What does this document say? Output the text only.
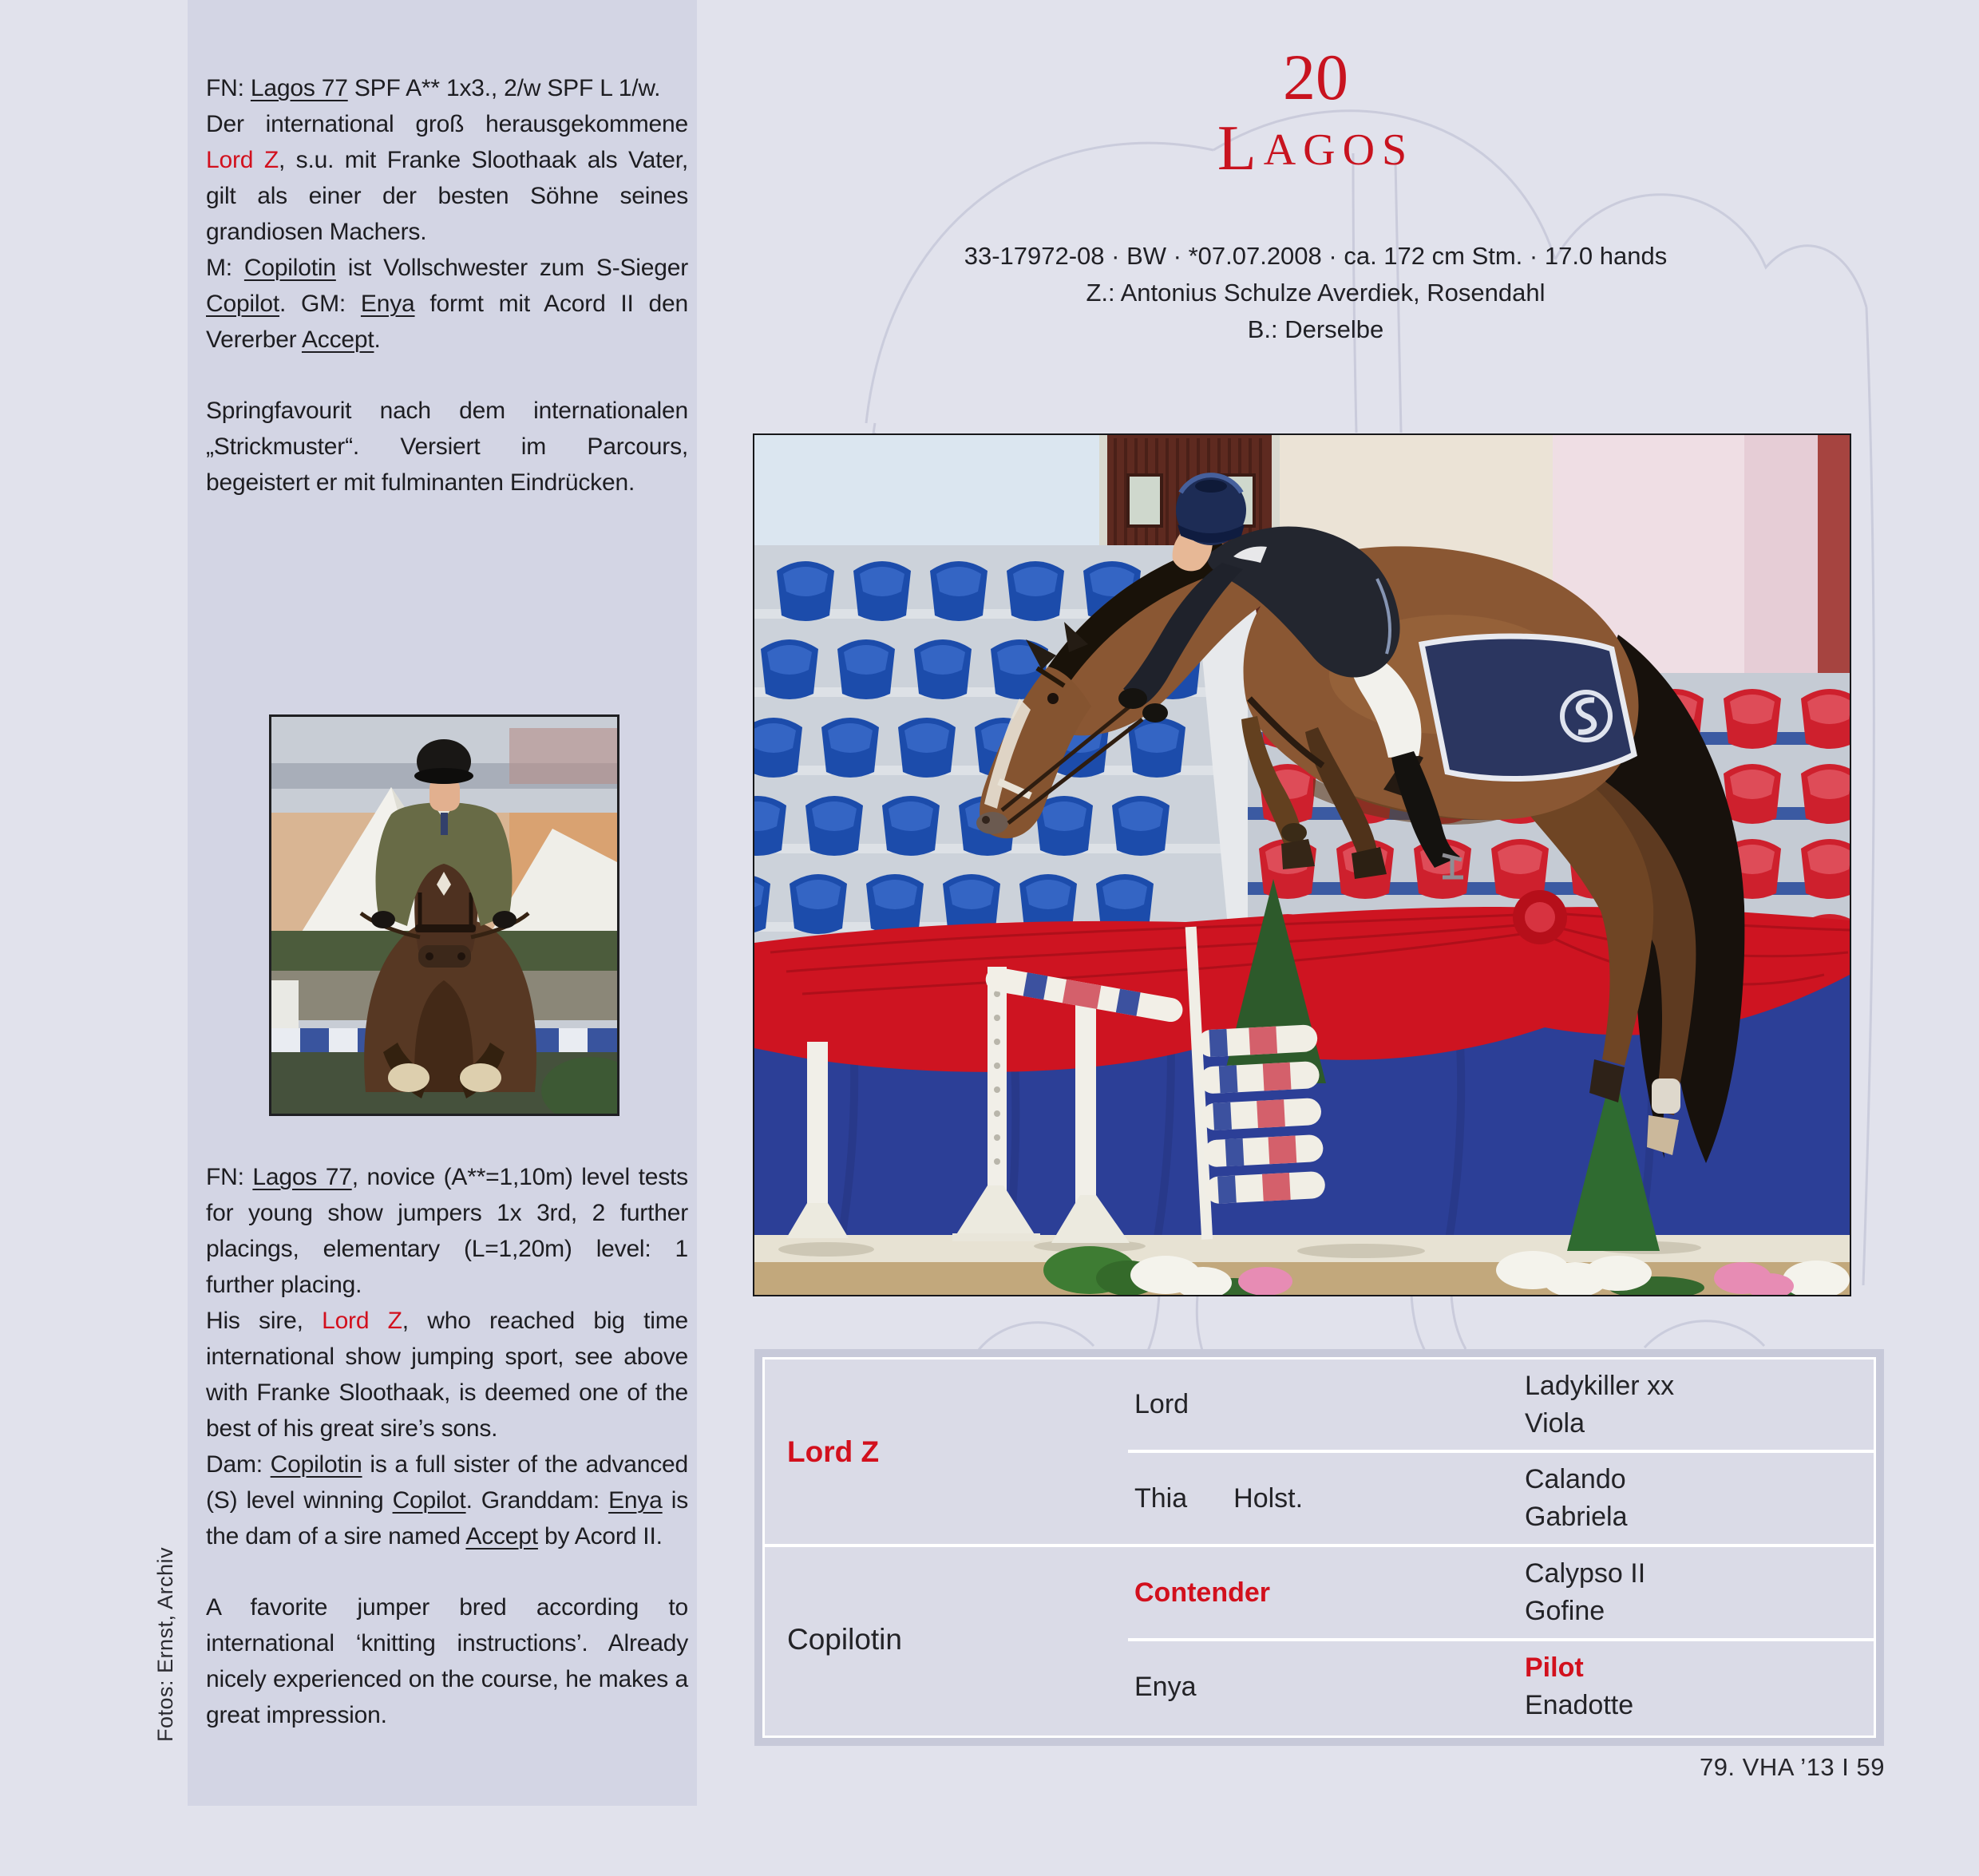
Fotos: Ernst, Archiv

FN: Lagos 77 SPF A** 1x3., 2/w SPF L 1/w.

Der international groß herausgekommene Lord Z, s.u. mit Franke Sloothaak als Vater, gilt als einer der besten Söhne seines grandiosen Machers.

M: Copilotin ist Vollschwester zum S-Sieger Copilot. GM: Enya formt mit Acord II den Vererber Accept.

Springfavourit nach dem internationalen „Strickmuster“. Versiert im Parcours, begeistert er mit fulminanten Eindrücken.

FN: Lagos 77, novice (A**=1,10m) level tests for young show jumpers 1x 3rd, 2 further placings, elementary (L=1,20m) level: 1 further placing.

His sire, Lord Z, who reached big time international show jumping sport, see above with Franke Sloothaak, is deemed one of the best of his great sire’s sons.

Dam: Copilotin is a full sister of the advanced (S) level winning Copilot. Granddam: Enya is the dam of a sire named Accept by Acord II.

A favorite jumper bred according to international ‘knitting instructions’. Already nicely experienced on the course, he makes a great impression.

20
LAGOS
33-17972-08 · BW · *07.07.2008 · ca. 172 cm Stm. · 17.0 hands
Z.: Antonius Schulze Averdiek, Rosendahl
B.: Derselbe
Lord Z
Copilotin
Lord
Thia Holst.
Contender
Enya
Ladykiller xx
Viola
Calando
Gabriela
Calypso II
Gofine
Pilot
Enadotte
79. VHA ’13 I 59
